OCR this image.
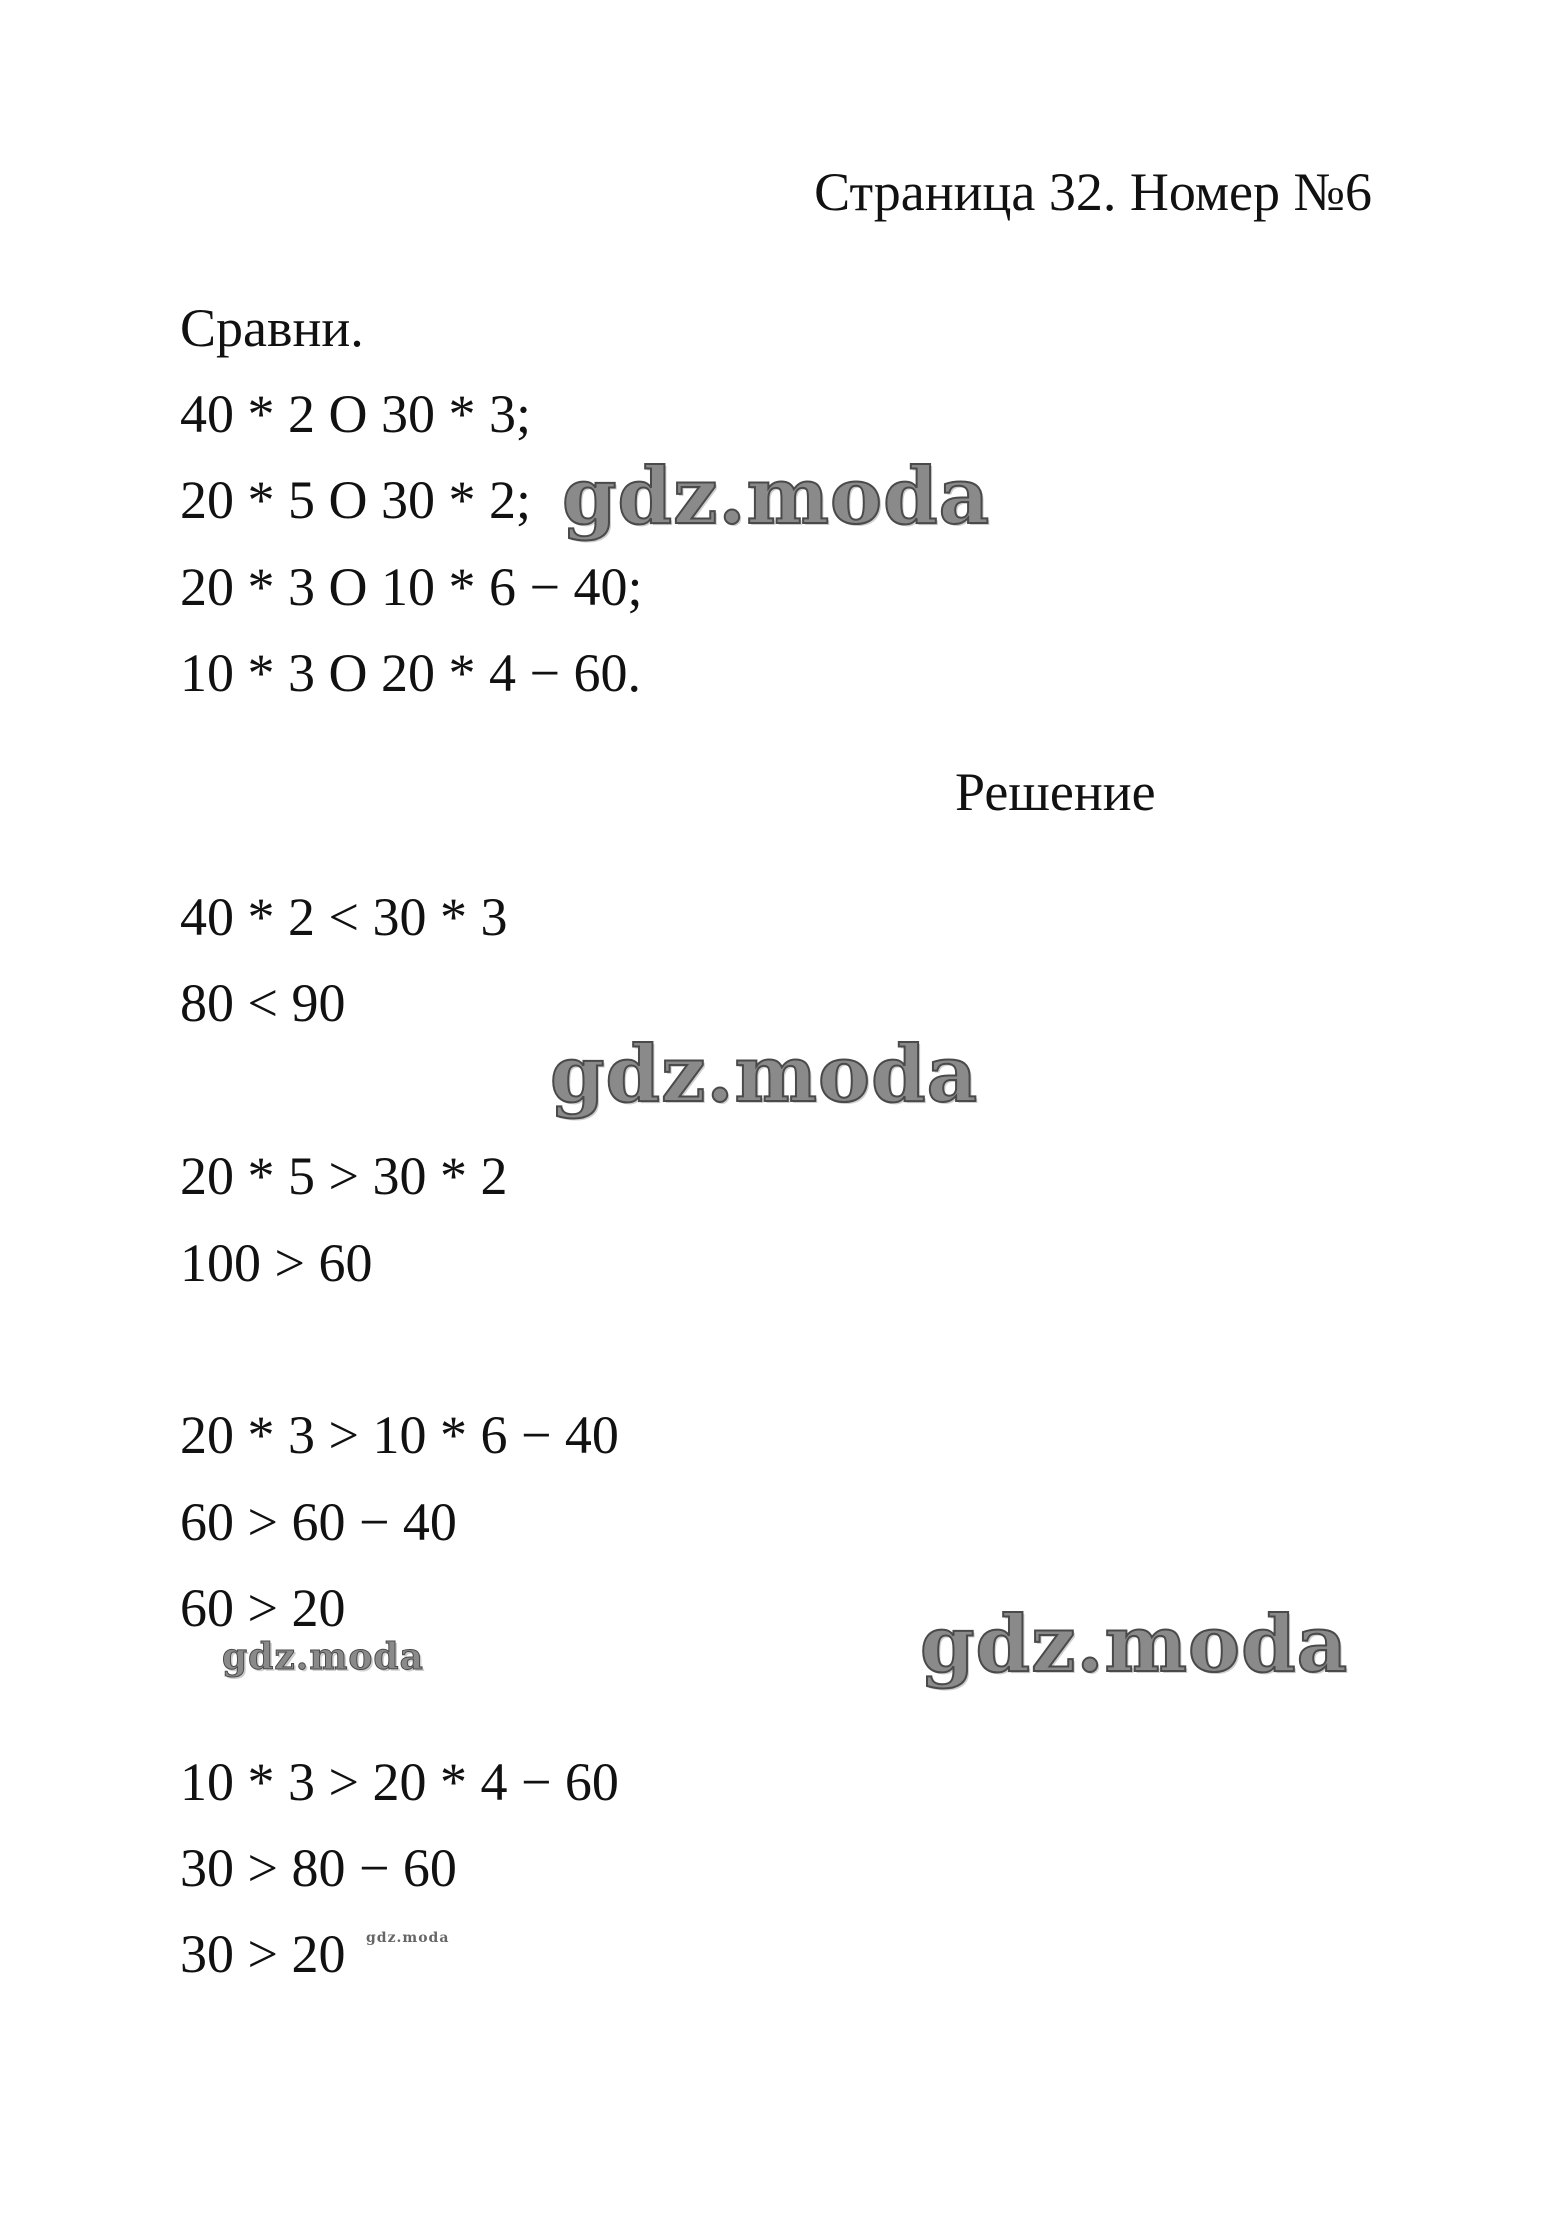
Страница 32. Номер №6
Сравни.
40 * 2 O 30 * 3;
20 * 5 O 30 * 2;
20 * 3 O 10 * 6 − 40;
10 * 3 O 20 * 4 − 60.
Решение
40 * 2 < 30 * 3
80 < 90
20 * 5 > 30 * 2
100 > 60
20 * 3 > 10 * 6 − 40
60 > 60 − 40
60 > 20
10 * 3 > 20 * 4 − 60
30 > 80 − 60
30 > 20
gdz.moda
gdz.moda
gdz.moda
gdz.moda
gdz.moda
